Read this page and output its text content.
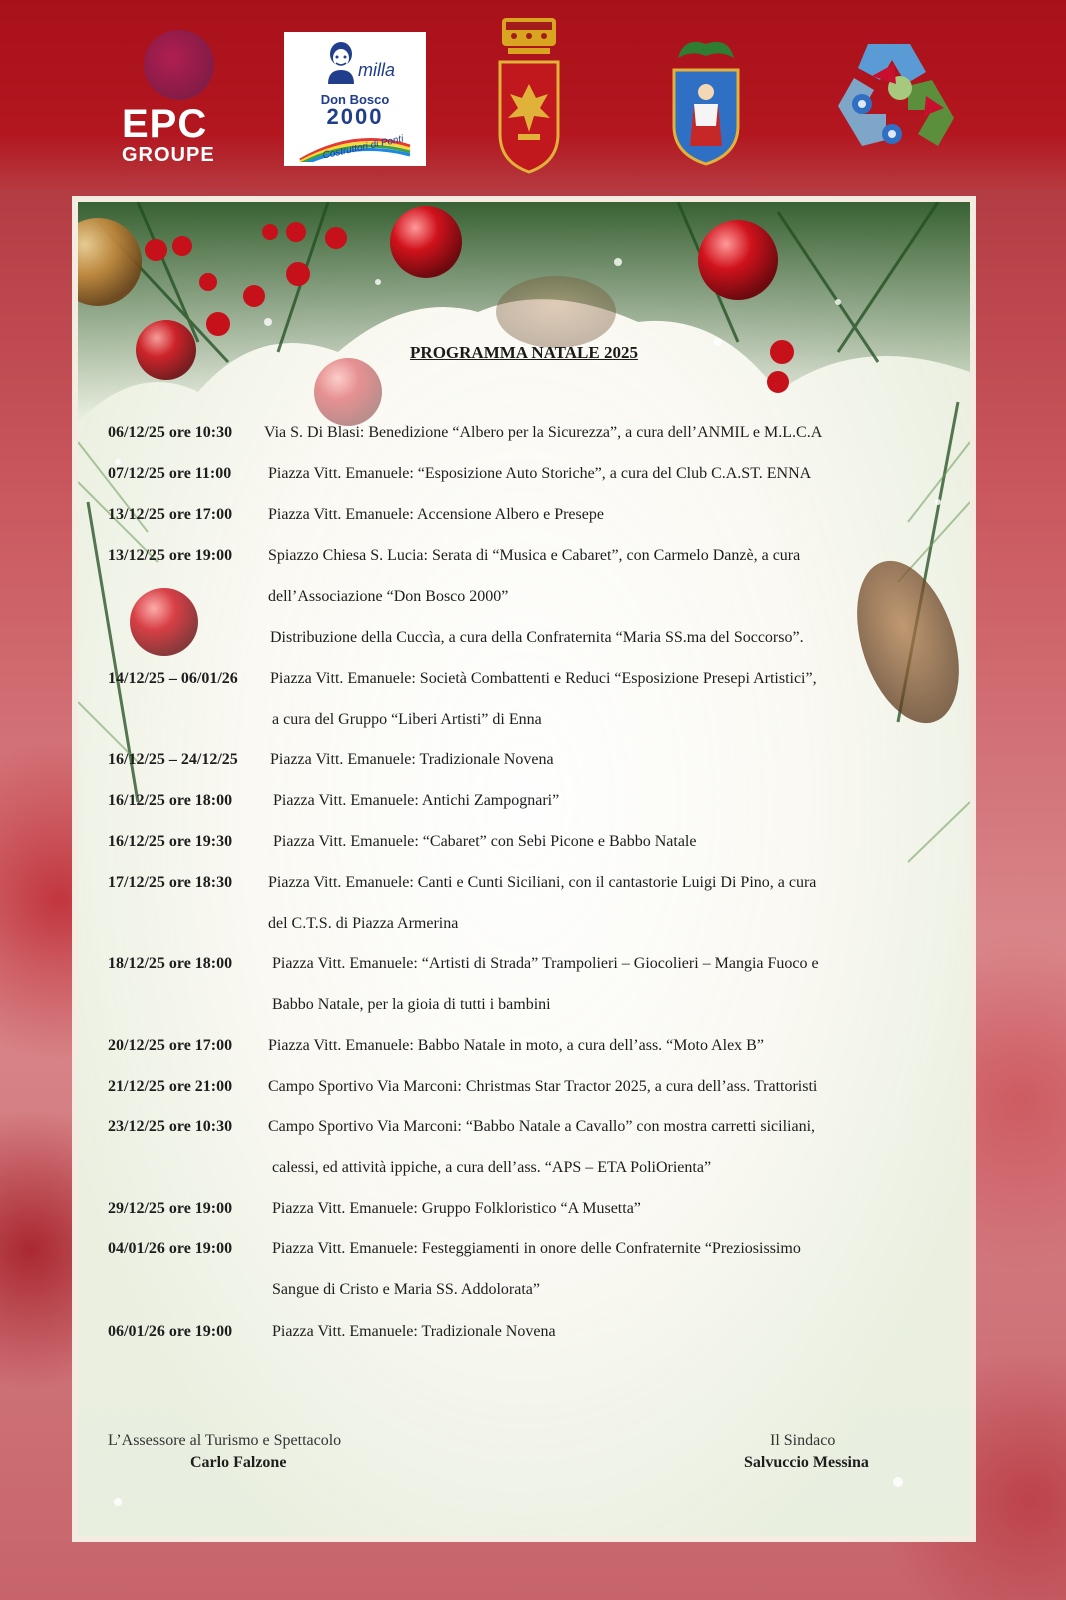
EPC
GROUPE
milla
Don Bosco
2000
Costruttori di Ponti
PROGRAMMA NATALE 2025
06/12/25 ore 10:30 Via S. Di Blasi: Benedizione “Albero per la Sicurezza”, a cura dell’ANMIL e M.L.C.A
07/12/25 ore 11:00 Piazza Vitt. Emanuele: “Esposizione Auto Storiche”, a cura del Club C.A.ST. ENNA
13/12/25 ore 17:00 Piazza Vitt. Emanuele: Accensione Albero e Presepe
13/12/25 ore 19:00 Spiazzo Chiesa S. Lucia: Serata di “Musica e Cabaret”, con Carmelo Danzè, a cura
dell’Associazione “Don Bosco 2000”
Distribuzione della Cuccìa, a cura della Confraternita “Maria SS.ma del Soccorso”.
14/12/25 – 06/01/26 Piazza Vitt. Emanuele: Società Combattenti e Reduci “Esposizione Presepi Artistici”,
a cura del Gruppo “Liberi Artisti” di Enna
16/12/25 – 24/12/25 Piazza Vitt. Emanuele: Tradizionale Novena
16/12/25 ore 18:00	Piazza Vitt. Emanuele: Antichi Zampognari”
16/12/25 ore 19:30	Piazza Vitt. Emanuele: “Cabaret” con Sebi Picone e Babbo Natale
17/12/25 ore 18:30 Piazza Vitt. Emanuele: Canti e Cunti Siciliani, con il cantastorie Luigi Di Pino, a cura
del C.T.S. di Piazza Armerina
18/12/25 ore 18:00 Piazza Vitt. Emanuele: “Artisti di Strada” Trampolieri – Giocolieri – Mangia Fuoco e
Babbo Natale, per la gioia di tutti i bambini
20/12/25 ore 17:00 Piazza Vitt. Emanuele: Babbo Natale in moto, a cura dell’ass. “Moto Alex B”
21/12/25 ore 21:00 Campo Sportivo Via Marconi: Christmas Star Tractor 2025, a cura dell’ass. Trattoristi
23/12/25 ore 10:30 Campo Sportivo Via Marconi: “Babbo Natale a Cavallo” con mostra carretti siciliani,
calessi, ed attività ippiche, a cura dell’ass. “APS – ETA PoliOrienta”
29/12/25 ore 19:00 Piazza Vitt. Emanuele: Gruppo Folkloristico “A Musetta”
04/01/26 ore 19:00 Piazza Vitt. Emanuele: Festeggiamenti in onore delle Confraternite “Preziosissimo
Sangue di Cristo e Maria SS. Addolorata”
06/01/26 ore 19:00 Piazza Vitt. Emanuele: Tradizionale Novena
L’Assessore al Turismo e Spettacolo
Carlo Falzone
Il Sindaco
Salvuccio Messina
